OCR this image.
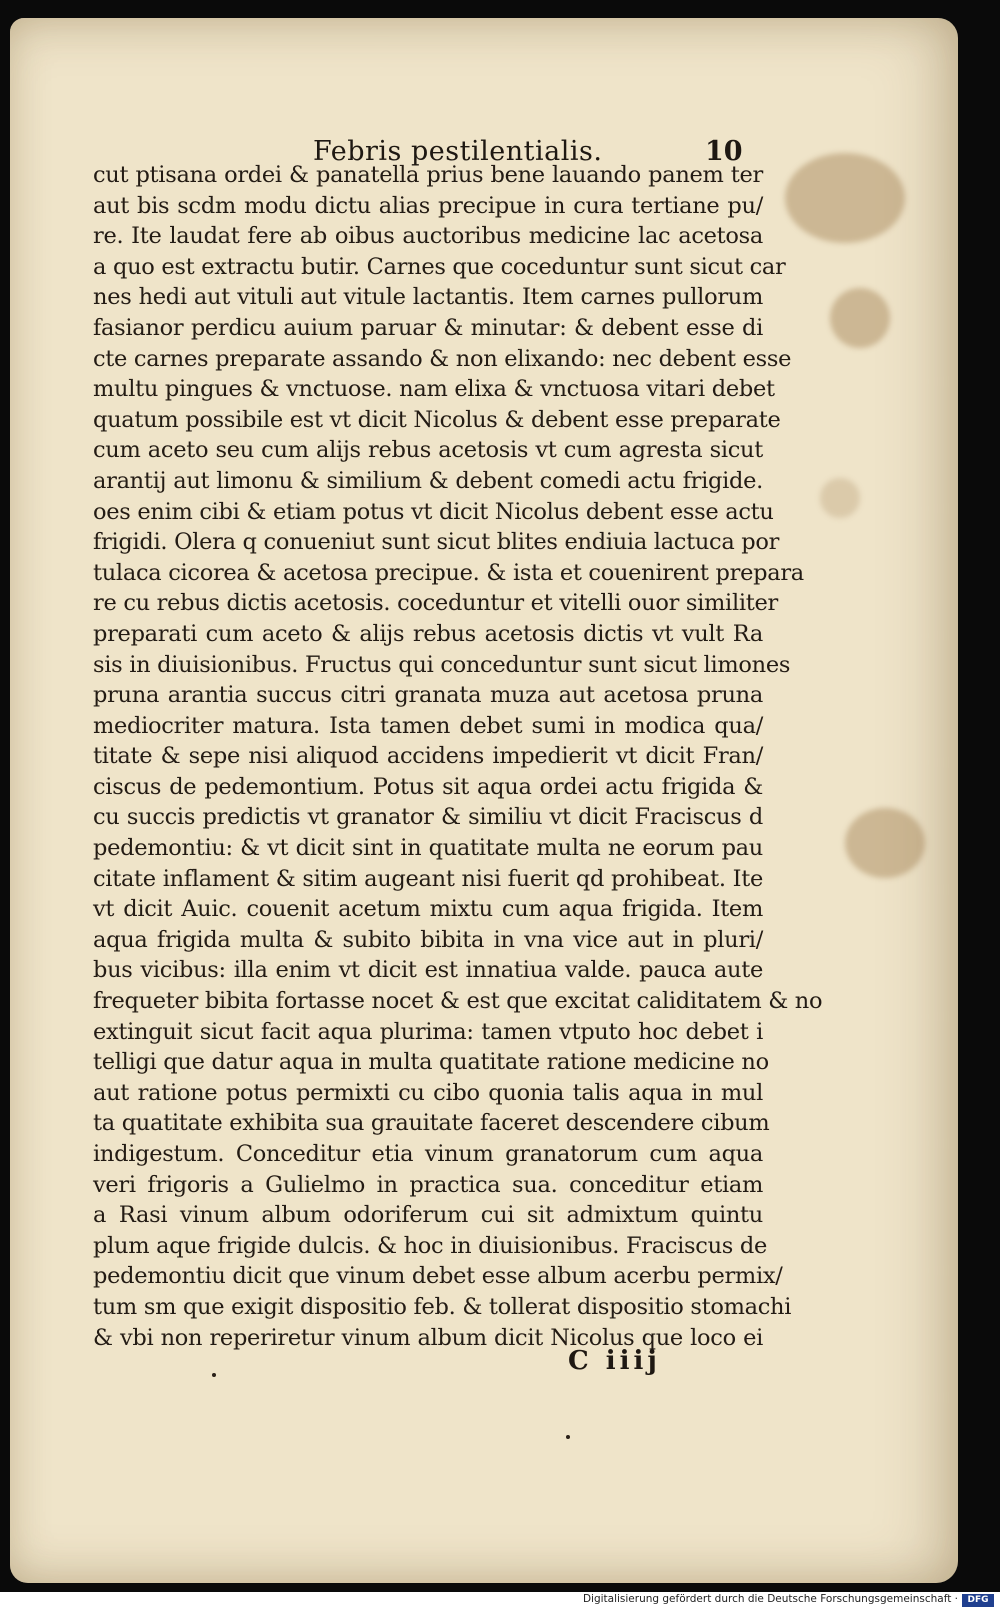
Febris pestilentialis.	10
cut ptisana ordei & panatella prius bene lauando panem ter
aut bis scdm modu dictu alias precipue in cura tertiane pu/
re. Ite laudat fere ab oibus auctoribus medicine lac acetosa
a quo est extractu butir. Carnes que coceduntur sunt sicut car
nes hedi aut vituli aut vitule lactantis. Item carnes pullorum
fasianor perdicu auium paruar & minutar: & debent esse di
cte carnes preparate assando & non elixando: nec debent esse
multu pingues & vnctuose. nam elixa & vnctuosa vitari debet
quatum possibile est vt dicit Nicolus & debent esse preparate
cum aceto seu cum alijs rebus acetosis vt cum agresta sicut
arantij aut limonu & similium & debent comedi actu frigide.
oes enim cibi & etiam potus vt dicit Nicolus debent esse actu
frigidi. Olera q conueniut sunt sicut blites endiuia lactuca por
tulaca cicorea & acetosa precipue. & ista et couenirent prepara
re cu rebus dictis acetosis. coceduntur et vitelli ouor similiter
preparati cum aceto & alijs rebus acetosis dictis vt vult Ra
sis in diuisionibus. Fructus qui conceduntur sunt sicut limones
pruna arantia succus citri granata muza aut acetosa pruna
mediocriter matura. Ista tamen debet sumi in modica qua/
titate & sepe nisi aliquod accidens impedierit vt dicit Fran/
ciscus de pedemontium. Potus sit aqua ordei actu frigida &
cu succis predictis vt granator & similiu vt dicit Fraciscus d
pedemontiu: & vt dicit sint in quatitate multa ne eorum pau
citate inflament & sitim augeant nisi fuerit qd prohibeat. Ite
vt dicit Auic. couenit acetum mixtu cum aqua frigida. Item
aqua frigida multa & subito bibita in vna vice aut in pluri/
bus vicibus: illa enim vt dicit est innatiua valde. pauca aute
frequeter bibita fortasse nocet & est que excitat caliditatem & no
extinguit sicut facit aqua plurima: tamen vtputo hoc debet i
telligi que datur aqua in multa quatitate ratione medicine no
aut ratione potus permixti cu cibo quonia talis aqua in mul
ta quatitate exhibita sua grauitate faceret descendere cibum
indigestum. Conceditur etia vinum granatorum cum aqua
veri frigoris a Gulielmo in practica sua. conceditur etiam
a Rasi vinum album odoriferum cui sit admixtum quintu
plum aque frigide dulcis. & hoc in diuisionibus. Fraciscus de
pedemontiu dicit que vinum debet esse album acerbu permix/
tum sm que exigit dispositio feb. & tollerat dispositio stomachi
& vbi non reperiretur vinum album dicit Nicolus que loco ei
C iiij
Digitalisierung gefördert durch die Deutsche Forschungsgemeinschaft ·	DFG
